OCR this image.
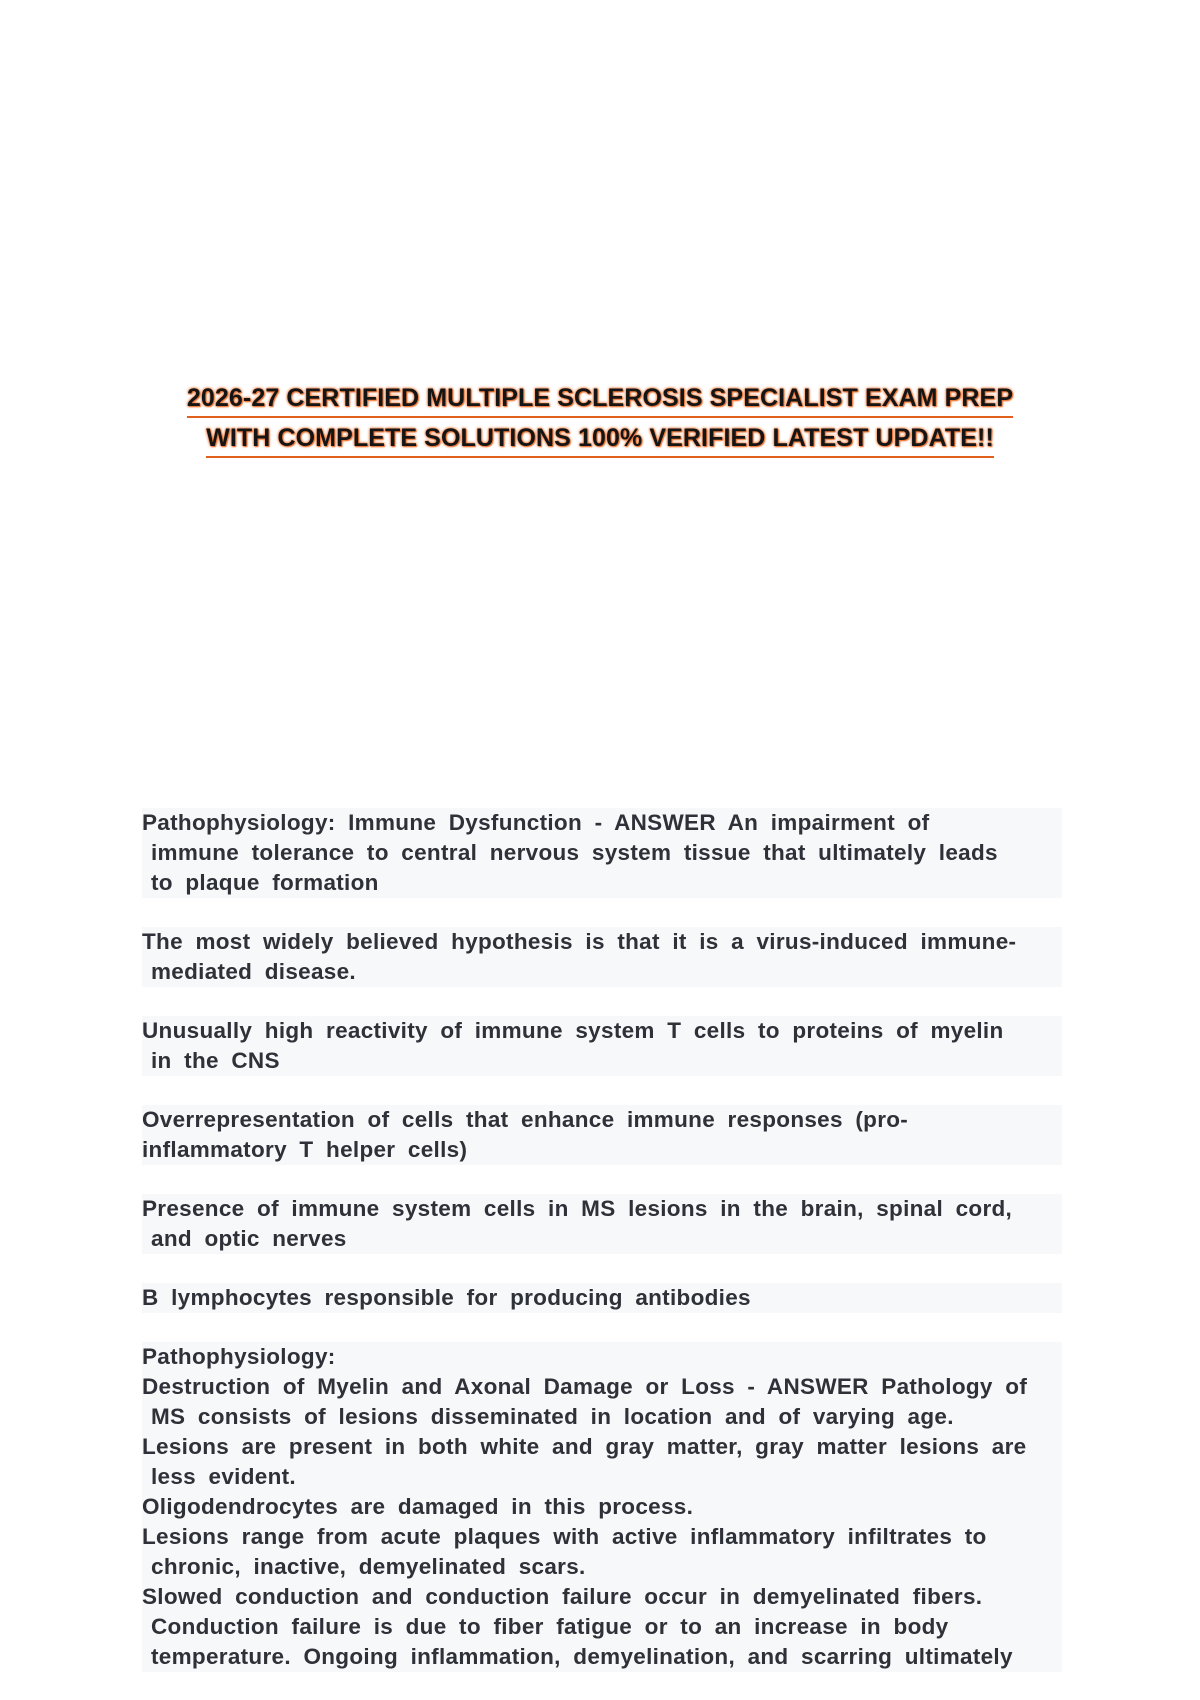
2026-27 CERTIFIED MULTIPLE SCLEROSIS SPECIALIST EXAM PREP
WITH COMPLETE SOLUTIONS 100% VERIFIED LATEST UPDATE!!
Pathophysiology: Immune Dysfunction - ANSWER An impairment of
immune tolerance to central nervous system tissue that ultimately leads
to plaque formation
The most widely believed hypothesis is that it is a virus-induced immune-
mediated disease.
Unusually high reactivity of immune system T cells to proteins of myelin
in the CNS
Overrepresentation of cells that enhance immune responses (pro-
inflammatory T helper cells)
Presence of immune system cells in MS lesions in the brain, spinal cord,
and optic nerves
B lymphocytes responsible for producing antibodies
Pathophysiology:
Destruction of Myelin and Axonal Damage or Loss - ANSWER Pathology of
MS consists of lesions disseminated in location and of varying age.
Lesions are present in both white and gray matter, gray matter lesions are
less evident.
Oligodendrocytes are damaged in this process.
Lesions range from acute plaques with active inflammatory infiltrates to
chronic, inactive, demyelinated scars.
Slowed conduction and conduction failure occur in demyelinated fibers.
Conduction failure is due to fiber fatigue or to an increase in body
temperature. Ongoing inflammation, demyelination, and scarring ultimately
